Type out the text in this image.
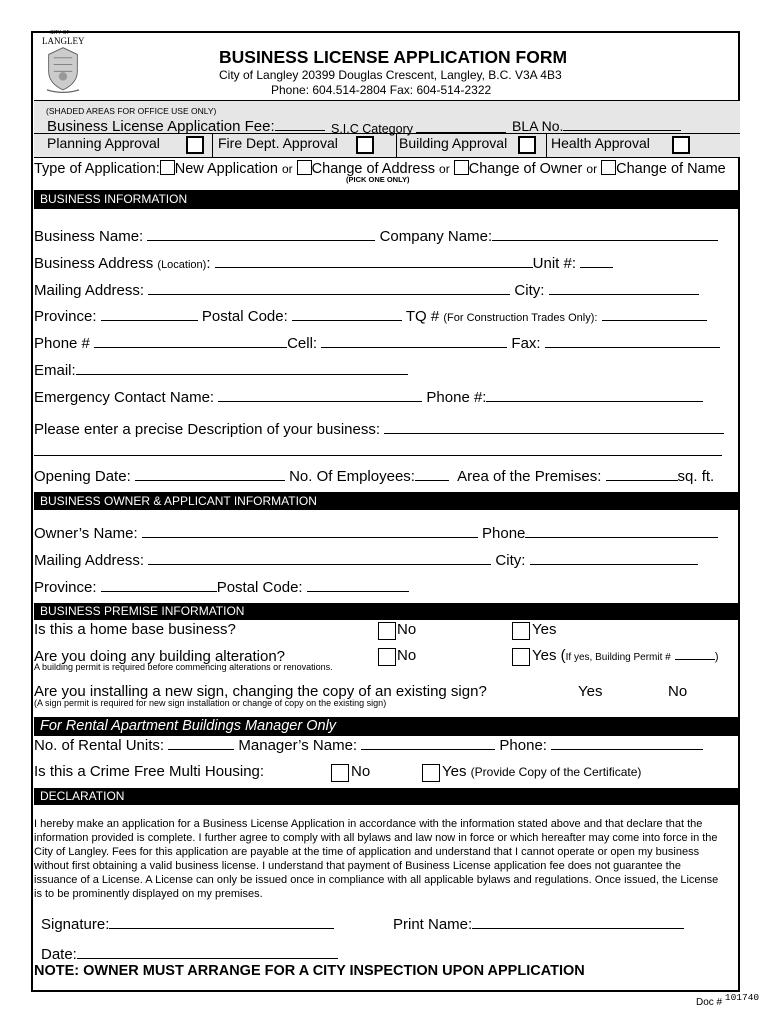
CITY OF
LANGLEY
BUSINESS LICENSE APPLICATION FORM
City of Langley 20399 Douglas Crescent, Langley, B.C. V3A 4B3
Phone: 604.514-2804 Fax: 604-514-2322
(SHADED AREAS FOR OFFICE USE ONLY)
Business License Application Fee:	S.I.C Category	BLA No.
Planning Approval	Fire Dept. Approval	Building Approval	Health Approval
Type of Application: New Application or Change of Address or Change of Owner or Change of Name
(PICK ONE ONLY)
BUSINESS INFORMATION
Business Name:	Company Name:
Business Address (Location):	Unit #:
Mailing Address:	City:
Province:	Postal Code:	TQ # (For Construction Trades Only):
Phone #	Cell:	Fax:
Email:
Emergency Contact Name:	Phone #:
Please enter a precise Description of your business:
Opening Date:	No. Of Employees:	Area of the Premises:	sq. ft.
BUSINESS OWNER & APPLICANT INFORMATION
Owner’s Name:	Phone
Mailing Address:	City:
Province:	Postal Code:
BUSINESS PREMISE INFORMATION
Is this a home base business?	No	Yes
Are you doing any building alteration?
A building permit is required before commencing alterations or renovations.
No	Yes (If yes, Building Permit #	)
Are you installing a new sign, changing the copy of an existing sign?
(A sign permit is required for new sign installation or change of copy on the existing sign)
Yes	No
For Rental Apartment Buildings Manager Only
No. of Rental Units:	Manager’s Name:	Phone:
Is this a Crime Free Multi Housing:	No	Yes (Provide Copy of the Certificate)
DECLARATION
I hereby make an application for a Business License Application in accordance with the information stated above and that declare that the information provided is complete. I further agree to comply with all bylaws and law now in force or which hereafter may come into force in the City of Langley. Fees for this application are payable at the time of application and understand that I cannot operate or open my business without first obtaining a valid business license. I understand that payment of Business License application fee does not guarantee the issuance of a License. A License can only be issued once in compliance with all applicable bylaws and regulations. Once issued, the License is to be prominently displayed on my premises.
Signature:	Print Name:
Date:
NOTE: OWNER MUST ARRANGE FOR A CITY INSPECTION UPON APPLICATION
Doc # 101740
